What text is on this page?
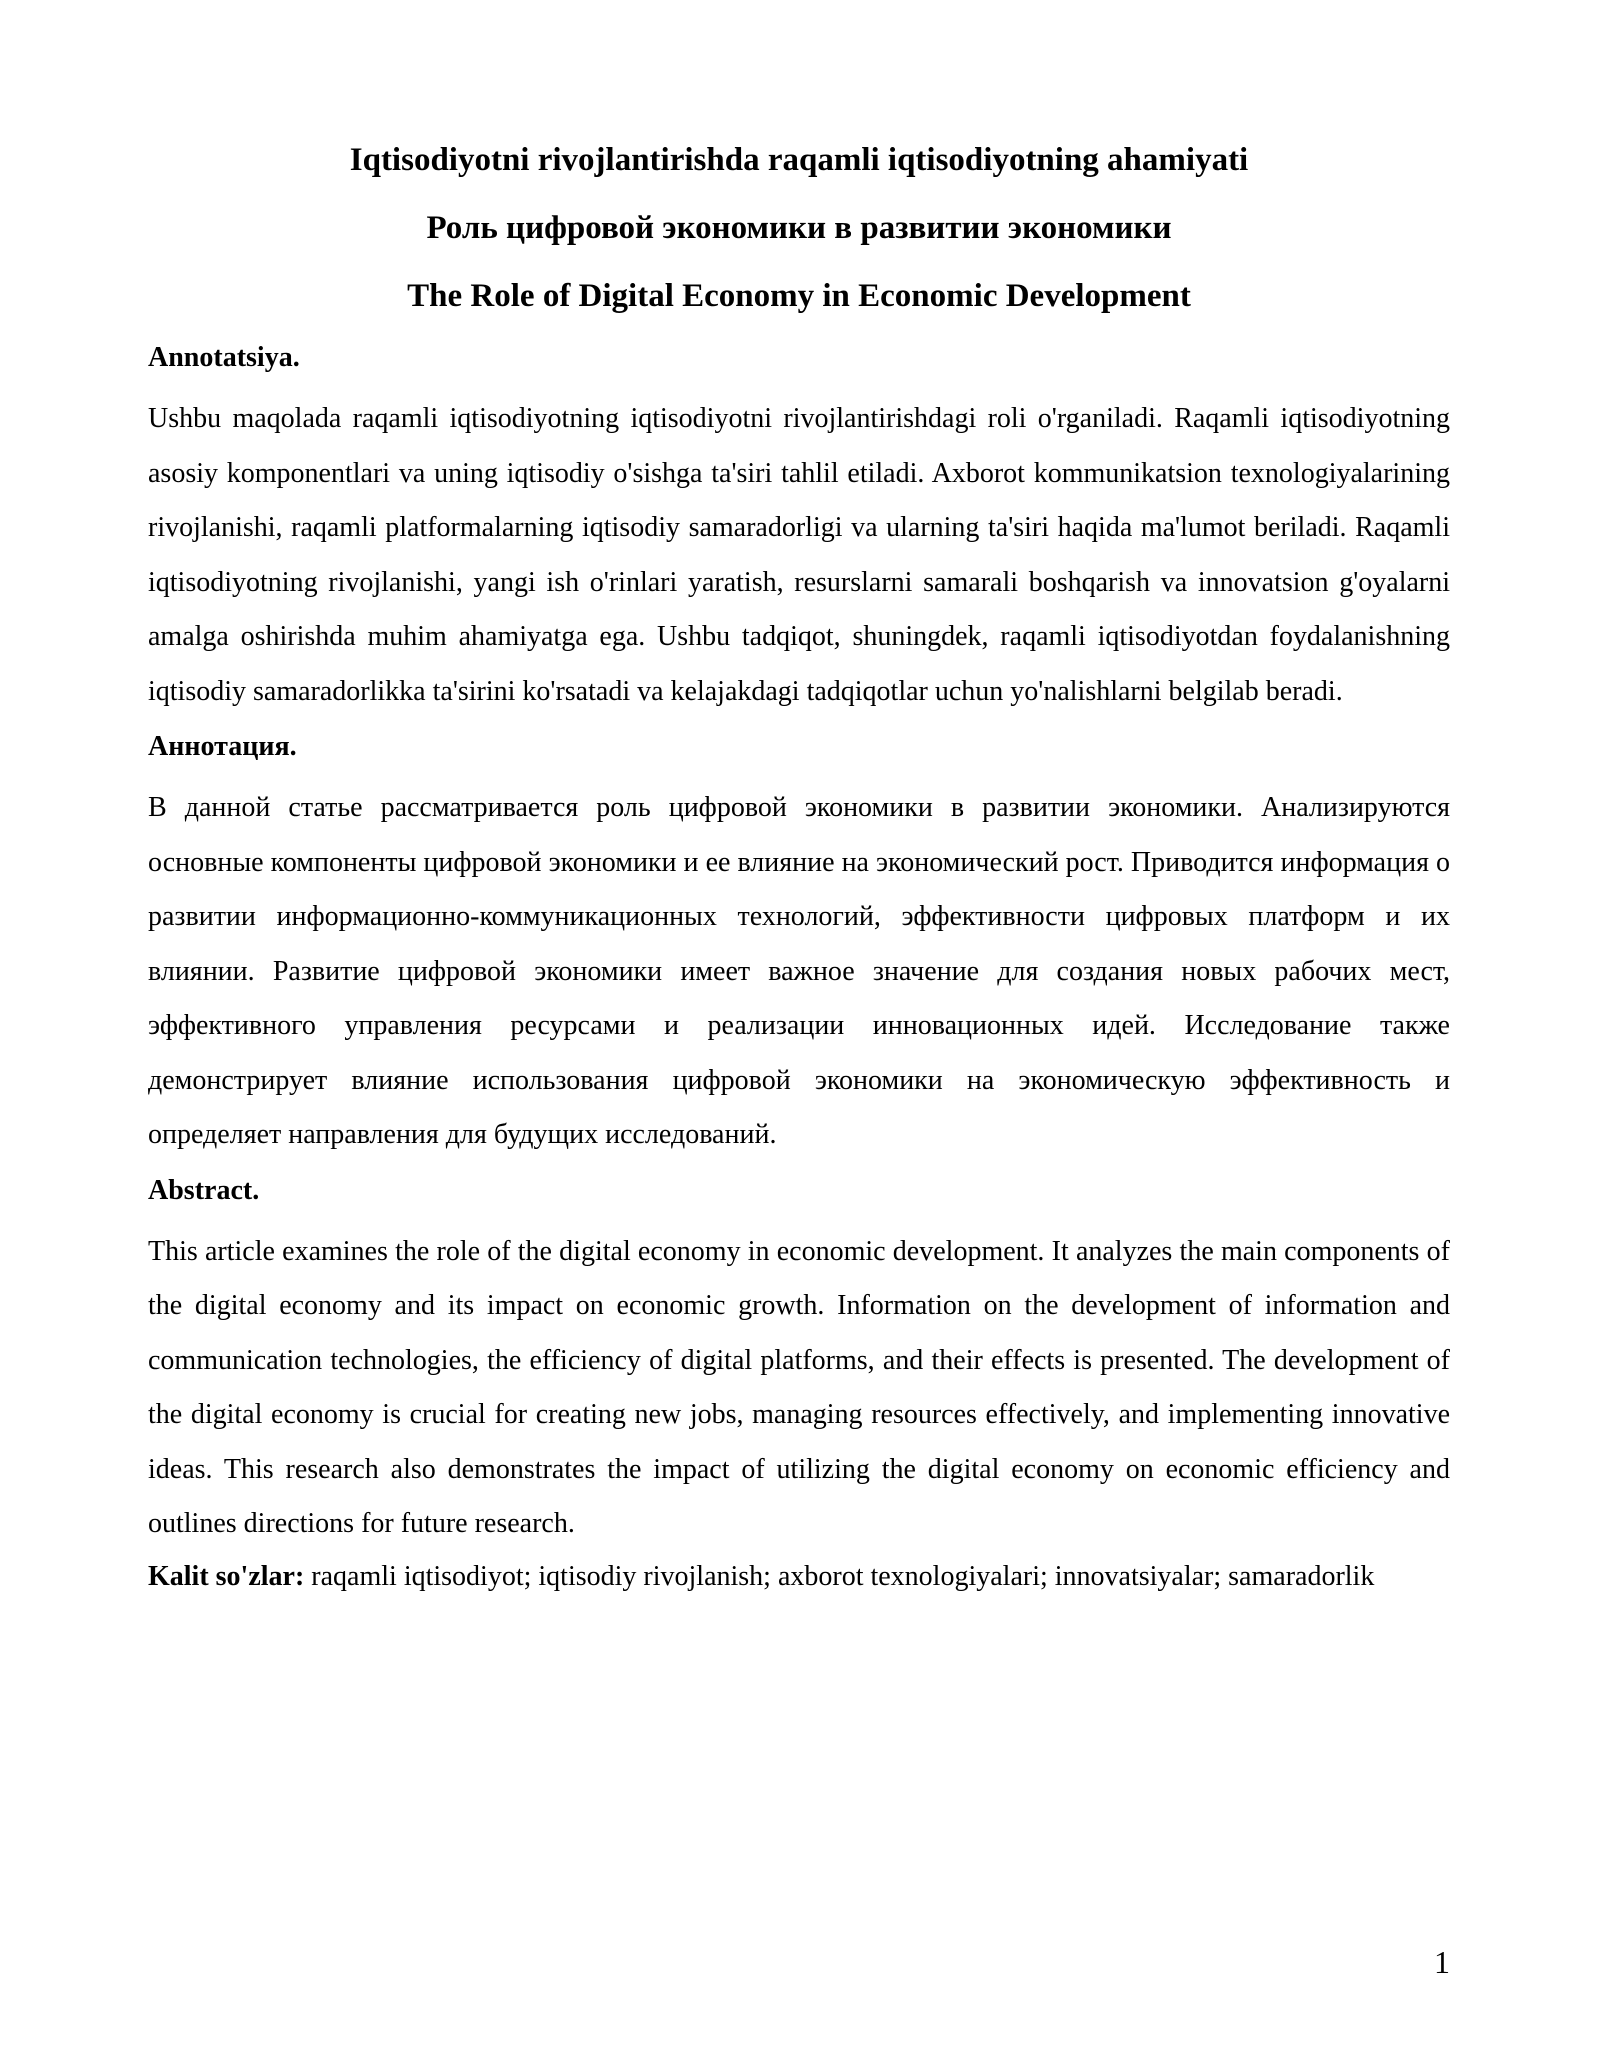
Iqtisodiyotni rivojlantirishda raqamli iqtisodiyotning ahamiyati
Роль цифровой экономики в развитии экономики
The Role of Digital Economy in Economic Development
Annotatsiya.
Ushbu maqolada raqamli iqtisodiyotning iqtisodiyotni rivojlantirishdagi roli o'rganiladi. Raqamli iqtisodiyotning asosiy komponentlari va uning iqtisodiy o'sishga ta'siri tahlil etiladi. Axborot kommunikatsion texnologiyalarining rivojlanishi, raqamli platformalarning iqtisodiy samaradorligi va ularning ta'siri haqida ma'lumot beriladi. Raqamli iqtisodiyotning rivojlanishi, yangi ish o'rinlari yaratish, resurslarni samarali boshqarish va innovatsion g'oyalarni amalga oshirishda muhim ahamiyatga ega. Ushbu tadqiqot, shuningdek, raqamli iqtisodiyotdan foydalanishning iqtisodiy samaradorlikka ta'sirini ko'rsatadi va kelajakdagi tadqiqotlar uchun yo'nalishlarni belgilab beradi.
Аннотация.
В данной статье рассматривается роль цифровой экономики в развитии экономики. Анализируются основные компоненты цифровой экономики и ее влияние на экономический рост. Приводится информация о развитии информационно-коммуникационных технологий, эффективности цифровых платформ и их влиянии. Развитие цифровой экономики имеет важное значение для создания новых рабочих мест, эффективного управления ресурсами и реализации инновационных идей. Исследование также демонстрирует влияние использования цифровой экономики на экономическую эффективность и определяет направления для будущих исследований.
Abstract.
This article examines the role of the digital economy in economic development. It analyzes the main components of the digital economy and its impact on economic growth. Information on the development of information and communication technologies, the efficiency of digital platforms, and their effects is presented. The development of the digital economy is crucial for creating new jobs, managing resources effectively, and implementing innovative ideas. This research also demonstrates the impact of utilizing the digital economy on economic efficiency and outlines directions for future research.
Kalit so'zlar: raqamli iqtisodiyot; iqtisodiy rivojlanish; axborot texnologiyalari; innovatsiyalar; samaradorlik
1
